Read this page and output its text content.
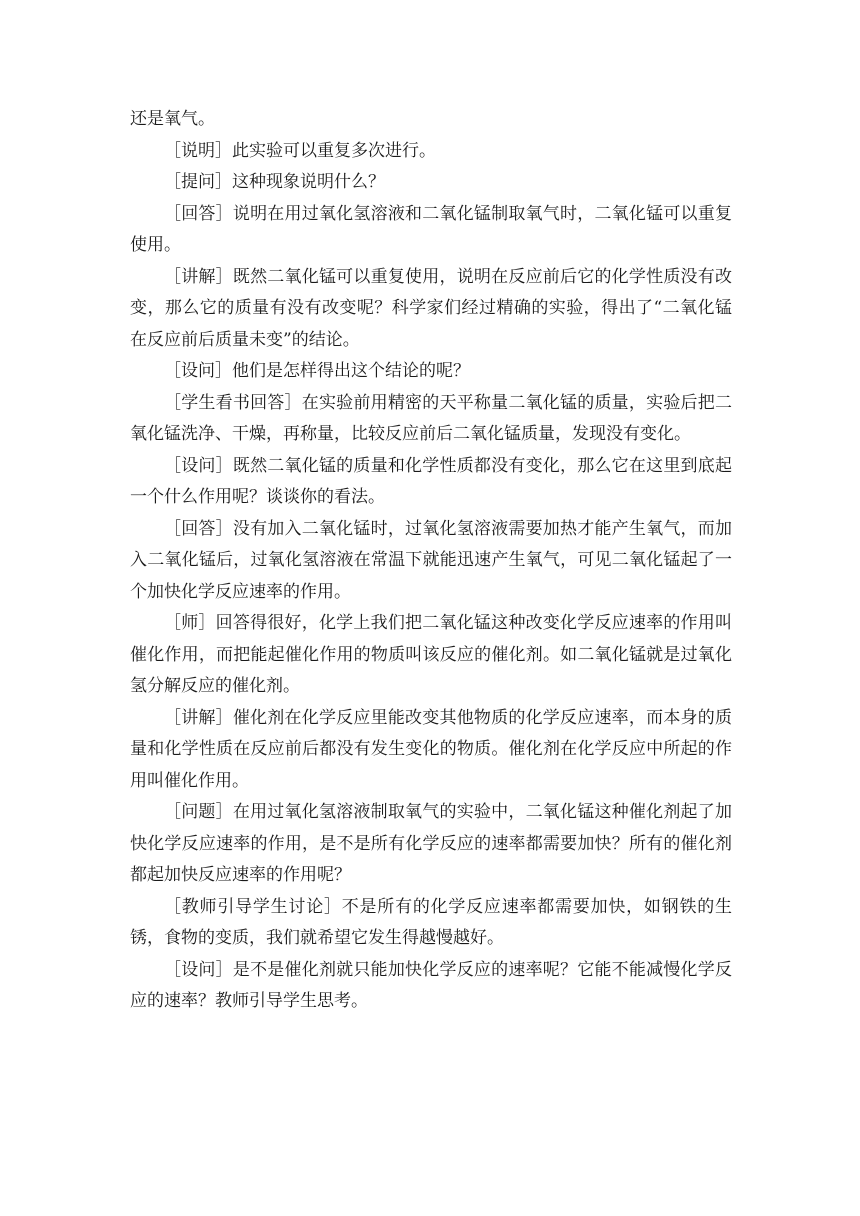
还是氧气。

［说明］此实验可以重复多次进行。

［提问］这种现象说明什么？

［回答］说明在用过氧化氢溶液和二氧化锰制取氧气时，二氧化锰可以重复使用。

［讲解］既然二氧化锰可以重复使用，说明在反应前后它的化学性质没有改变，那么它的质量有没有改变呢？科学家们经过精确的实验，得出了“二氧化锰在反应前后质量未变”的结论。

［设问］他们是怎样得出这个结论的呢？

［学生看书回答］在实验前用精密的天平称量二氧化锰的质量，实验后把二氧化锰洗净、干燥，再称量，比较反应前后二氧化锰质量，发现没有变化。

［设问］既然二氧化锰的质量和化学性质都没有变化，那么它在这里到底起一个什么作用呢？谈谈你的看法。

［回答］没有加入二氧化锰时，过氧化氢溶液需要加热才能产生氧气，而加入二氧化锰后，过氧化氢溶液在常温下就能迅速产生氧气，可见二氧化锰起了一个加快化学反应速率的作用。

［师］回答得很好，化学上我们把二氧化锰这种改变化学反应速率的作用叫催化作用，而把能起催化作用的物质叫该反应的催化剂。如二氧化锰就是过氧化氢分解反应的催化剂。

［讲解］催化剂在化学反应里能改变其他物质的化学反应速率，而本身的质量和化学性质在反应前后都没有发生变化的物质。催化剂在化学反应中所起的作用叫催化作用。

［问题］在用过氧化氢溶液制取氧气的实验中，二氧化锰这种催化剂起了加快化学反应速率的作用，是不是所有化学反应的速率都需要加快？所有的催化剂都起加快反应速率的作用呢？

［教师引导学生讨论］不是所有的化学反应速率都需要加快，如钢铁的生锈，食物的变质，我们就希望它发生得越慢越好。

［设问］是不是催化剂就只能加快化学反应的速率呢？它能不能减慢化学反应的速率？教师引导学生思考。
